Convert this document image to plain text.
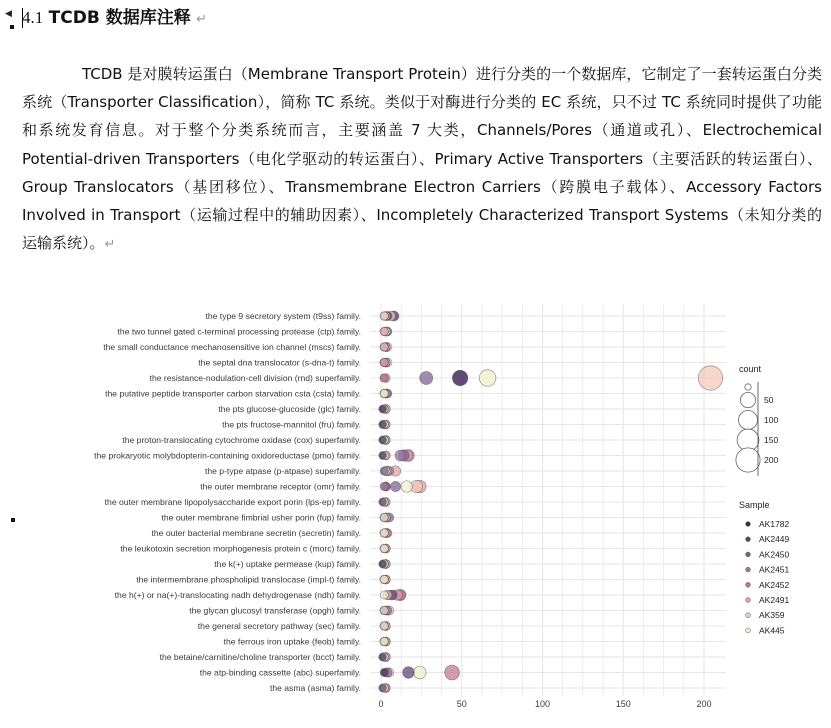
◀ 4.1 TCDB 数据库注释 ↵

TCDB 是对膜转运蛋白（Membrane Transport Protein）进行分类的一个数据库，它制定了一套转运蛋白分类系统（Transporter Classification），简称 TC 系统。类似于对酶进行分类的 EC 系统，只不过 TC 系统同时提供了功能和系统发育信息。对于整个分类系统而言，主要涵盖 7 大类，Channels/Pores（通道或孔）、Electrochemical Potential-driven Transporters（电化学驱动的转运蛋白）、Primary Active Transporters（主要活跃的转运蛋白）、Group Translocators（基团移位）、Transmembrane Electron Carriers（跨膜电子载体）、Accessory Factors Involved in Transport（运输过程中的辅助因素）、Incompletely Characterized Transport Systems（未知分类的运输系统）。↵

the type 9 secretory system (t9ss) family.
the two tunnel gated c-terminal processing protease (ctp) family.
the small conductance mechanosensitive ion channel (mscs) family.
the septal dna translocator (s-dna-t) family.
the resistance-nodulation-cell division (rnd) superfamily.
the putative peptide transporter carbon starvation csta (csta) family.
the pts glucose-glucoside (glc) family.
the pts fructose-mannitol (fru) family.
the proton-translocating cytochrome oxidase (cox) superfamily.
the prokaryotic molybdopterin-containing oxidoreductase (pmo) family.
the p-type atpase (p-atpase) superfamily.
the outer membrane receptor (omr) family.
the outer membrane lipopolysaccharide export porin (lps-ep) family.
the outer membrane fimbrial usher porin (fup) family.
the outer bacterial membrane secretin (secretin) family.
the leukotoxin secretion morphogenesis protein c (morc) family.
the k(+) uptake permease (kup) family.
the intermembrane phospholipid translocase (impl-t) family.
the h(+) or na(+)-translocating nadh dehydrogenase (ndh) family.
the glycan glucosyl transferase (opgh) family.
the general secretory pathway (sec) family.
the ferrous iron uptake (feob) family.
the betaine/carnitine/choline transporter (bcct) family.
the atp-binding cassette (abc) superfamily.
the asma (asma) family.
0	50	100	150	200
count
50
100
150
200
Sample
AK1782
AK2449
AK2450
AK2451
AK2452
AK2491
AK359
AK445
